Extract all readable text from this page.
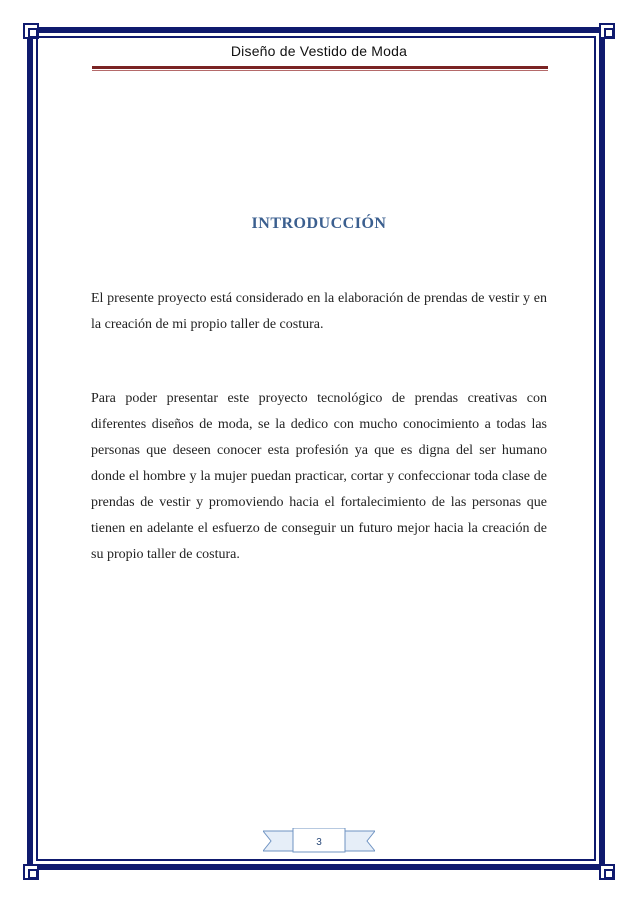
Diseño de Vestido de Moda
INTRODUCCIÓN

El presente proyecto está considerado en la elaboración de prendas de vestir y en la creación de mi propio taller de costura.

Para poder presentar este proyecto tecnológico de prendas creativas con diferentes diseños de moda, se la dedico con mucho conocimiento a todas las personas que deseen conocer esta profesión ya que es digna del ser humano donde el hombre y la mujer puedan practicar, cortar y confeccionar toda clase de prendas de vestir y promoviendo hacia el fortalecimiento de las personas que tienen en adelante el esfuerzo de conseguir un futuro mejor hacia la creación de su propio taller de costura.

3
